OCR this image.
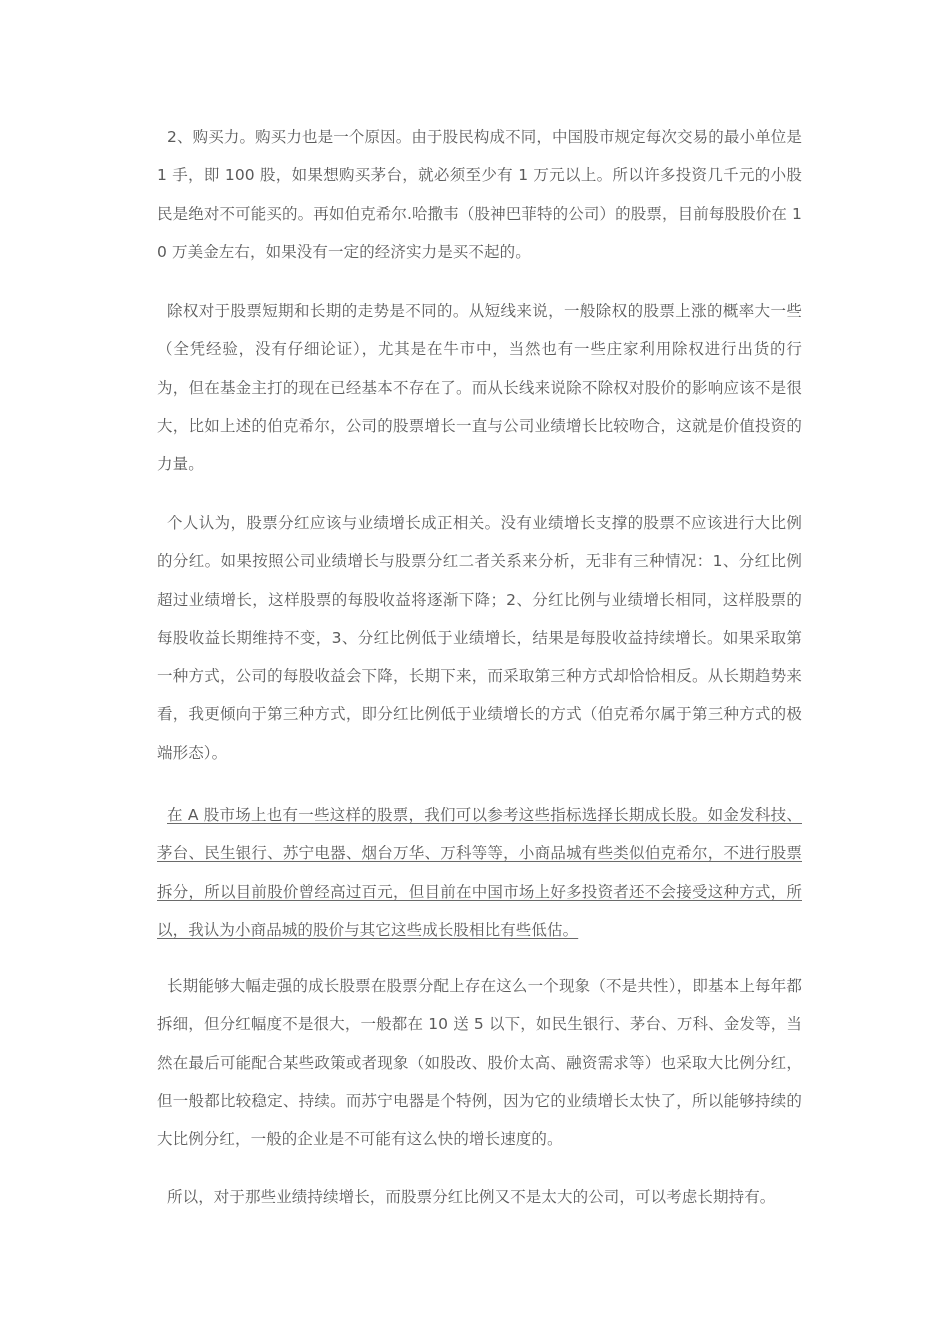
2、购买力。购买力也是一个原因。由于股民构成不同，中国股市规定每次交易的最小单位是 1 手，即 100 股，如果想购买茅台，就必须至少有 1 万元以上。所以许多投资几千元的小股民是绝对不可能买的。再如伯克希尔.哈撒韦（股神巴菲特的公司）的股票，目前每股股价在 10 万美金左右，如果没有一定的经济实力是买不起的。

除权对于股票短期和长期的走势是不同的。从短线来说，一般除权的股票上涨的概率大一些（全凭经验，没有仔细论证），尤其是在牛市中，当然也有一些庄家利用除权进行出货的行为，但在基金主打的现在已经基本不存在了。而从长线来说除不除权对股价的影响应该不是很大，比如上述的伯克希尔，公司的股票增长一直与公司业绩增长比较吻合，这就是价值投资的力量。

个人认为，股票分红应该与业绩增长成正相关。没有业绩增长支撑的股票不应该进行大比例的分红。如果按照公司业绩增长与股票分红二者关系来分析，无非有三种情况：1、分红比例超过业绩增长，这样股票的每股收益将逐渐下降；2、分红比例与业绩增长相同，这样股票的每股收益长期维持不变，3、分红比例低于业绩增长，结果是每股收益持续增长。如果采取第一种方式，公司的每股收益会下降，长期下来，而采取第三种方式却恰恰相反。从长期趋势来看，我更倾向于第三种方式，即分红比例低于业绩增长的方式（伯克希尔属于第三种方式的极端形态）。

在 A 股市场上也有一些这样的股票，我们可以参考这些指标选择长期成长股。如金发科技、茅台、民生银行、苏宁电器、烟台万华、万科等等，小商品城有些类似伯克希尔，不进行股票拆分，所以目前股价曾经高过百元，但目前在中国市场上好多投资者还不会接受这种方式，所以，我认为小商品城的股价与其它这些成长股相比有些低估。

长期能够大幅走强的成长股票在股票分配上存在这么一个现象（不是共性），即基本上每年都拆细，但分红幅度不是很大，一般都在 10 送 5 以下，如民生银行、茅台、万科、金发等，当然在最后可能配合某些政策或者现象（如股改、股价太高、融资需求等）也采取大比例分红，但一般都比较稳定、持续。而苏宁电器是个特例，因为它的业绩增长太快了，所以能够持续的大比例分红，一般的企业是不可能有这么快的增长速度的。

所以，对于那些业绩持续增长，而股票分红比例又不是太大的公司，可以考虑长期持有。
